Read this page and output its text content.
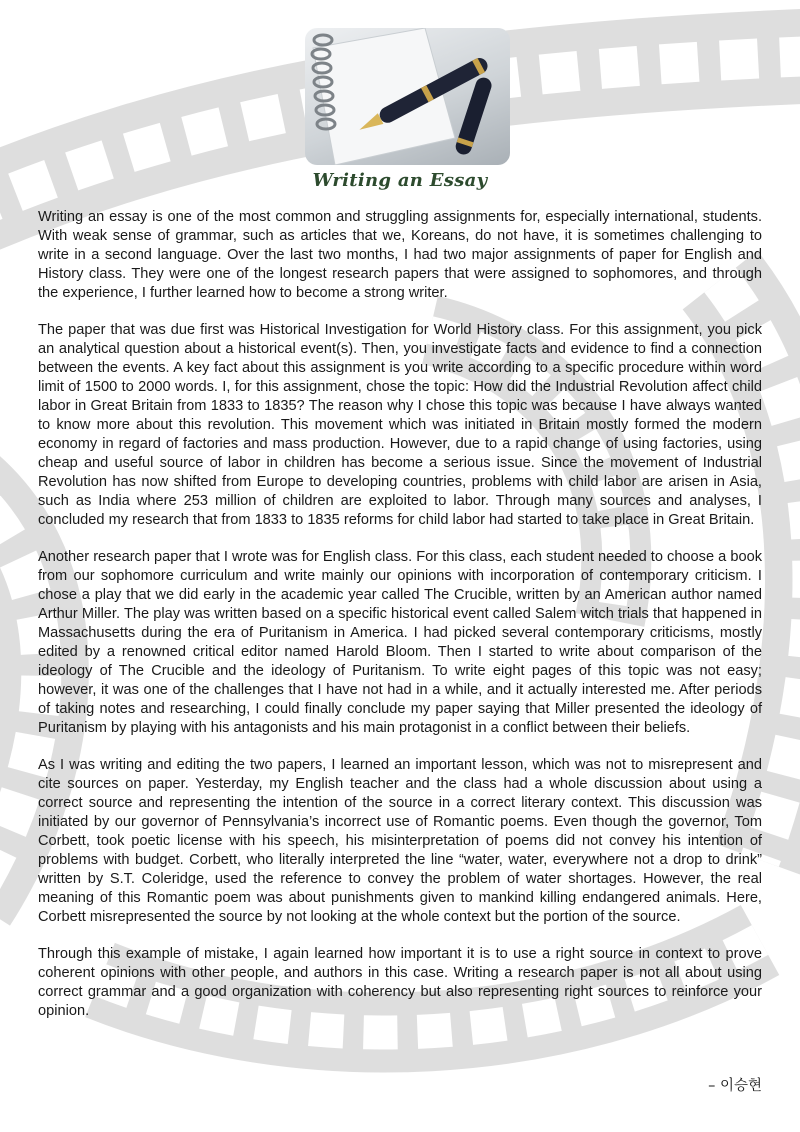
Writing an Essay

Writing an essay is one of the most common and struggling assignments for, especially international, students. With weak sense of grammar, such as articles that we, Koreans, do not have, it is sometimes challenging to write in a second language. Over the last two months, I had two major assignments of paper for English and History class. They were one of the longest research papers that were assigned to sophomores, and through the experience, I further learned how to become a strong writer.

The paper that was due first was Historical Investigation for World History class. For this assignment, you pick an analytical question about a historical event(s). Then, you investigate facts and evidence to find a connection between the events. A key fact about this assignment is you write according to a specific procedure within word limit of 1500 to 2000 words. I, for this assignment, chose the topic: How did the Industrial Revolution affect child labor in Great Britain from 1833 to 1835? The reason why I chose this topic was because I have always wanted to know more about this revolution. This movement which was initiated in Britain mostly formed the modern economy in regard of factories and mass production. However, due to a rapid change of using factories, using cheap and useful source of labor in children has become a serious issue. Since the movement of Industrial Revolution has now shifted from Europe to developing countries, problems with child labor are arisen in Asia, such as India where 253 million of children are exploited to labor. Through many sources and analyses, I concluded my research that from 1833 to 1835 reforms for child labor had started to take place in Great Britain.

Another research paper that I wrote was for English class. For this class, each student needed to choose a book from our sophomore curriculum and write mainly our opinions with incorporation of contemporary criticism. I chose a play that we did early in the academic year called The Crucible, written by an American author named Arthur Miller. The play was written based on a specific historical event called Salem witch trials that happened in Massachusetts during the era of Puritanism in America. I had picked several contemporary criticisms, mostly edited by a renowned critical editor named Harold Bloom. Then I started to write about comparison of the ideology of The Crucible and the ideology of Puritanism. To write eight pages of this topic was not easy; however, it was one of the challenges that I have not had in a while, and it actually interested me. After periods of taking notes and researching, I could finally conclude my paper saying that Miller presented the ideology of Puritanism by playing with his antagonists and his main protagonist in a conflict between their beliefs.

As I was writing and editing the two papers, I learned an important lesson, which was not to misrepresent and cite sources on paper. Yesterday, my English teacher and the class had a whole discussion about using a correct source and representing the intention of the source in a correct literary context. This discussion was initiated by our governor of Pennsylvania’s incorrect use of Romantic poems. Even though the governor, Tom Corbett, took poetic license with his speech, his misinterpretation of poems did not convey his intention of problems with budget. Corbett, who literally interpreted the line “water, water, everywhere not a drop to drink” written by S.T. Coleridge, used the reference to convey the problem of water shortages. However, the real meaning of this Romantic poem was about punishments given to mankind killing endangered animals. Here, Corbett misrepresented the source by not looking at the whole context but the portion of the source.

Through this example of mistake, I again learned how important it is to use a right source in context to prove coherent opinions with other people, and authors in this case. Writing a research paper is not all about using correct grammar and a good organization with coherency but also representing right sources to reinforce your opinion.

– 이승현
